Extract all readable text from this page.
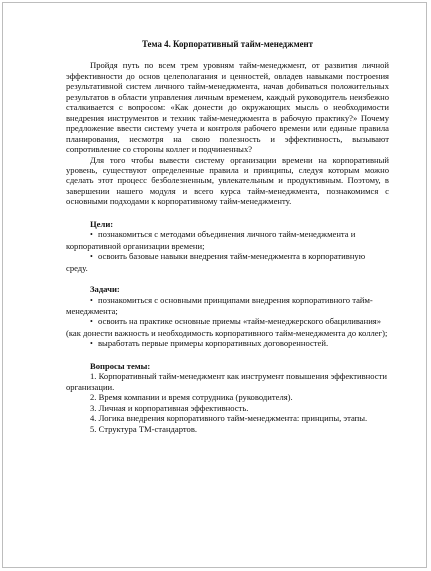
Тема 4. Корпоративный тайм-менеджмент

Пройдя путь по всем трем уровням тайм-менеджмент, от развития личной эффективности до основ целеполагания и ценностей, овладев навыками построения результативной систем личного тайм-менеджмента, начав добиваться положительных результатов в области управления личным временем, каждый руководитель неизбежно сталкивается с вопросом: «Как донести до окружающих мысль о необходимости внедрения инструментов и техник тайм-менеджмента в рабочую практику?» Почему предложение ввести систему учета и контроля рабочего времени или единые правила планирования, несмотря на свою полезность и эффективность, вызывают сопротивление со стороны коллег и подчиненных?

Для того чтобы вывести систему организации времени на корпоративный уровень, существуют определенные правила и принципы, следуя которым можно сделать этот процесс безболезненным, увлекательным и продуктивным. Поэтому, в завершении нашего модуля и всего курса тайм-менеджмента, познакомимся с основными подходами к корпоративному тайм-менеджменту.

Цели:
• познакомиться с методами объединения личного тайм-менеджмента и корпоративной организации времени;
• освоить базовые навыки внедрения тайм-менеджмента в корпоративную среду.
Задачи:
• познакомиться с основными принципами внедрения корпоративного тайм-менеджмента;
• освоить на практике основные приемы «тайм-менеджерского обациливания» (как донести важность и необходимость корпоративного тайм-менеджмента до коллег);
• выработать первые примеры корпоративных договоренностей.
Вопросы темы:
1. Корпоративный тайм-менеджмент как инструмент повышения эффективности организации.
2. Время компании и время сотрудника (руководителя).
3. Личная и корпоративная эффективность.
4. Логика внедрения корпоративного тайм-менеджмента: принципы, этапы.
5. Структура ТМ-стандартов.
